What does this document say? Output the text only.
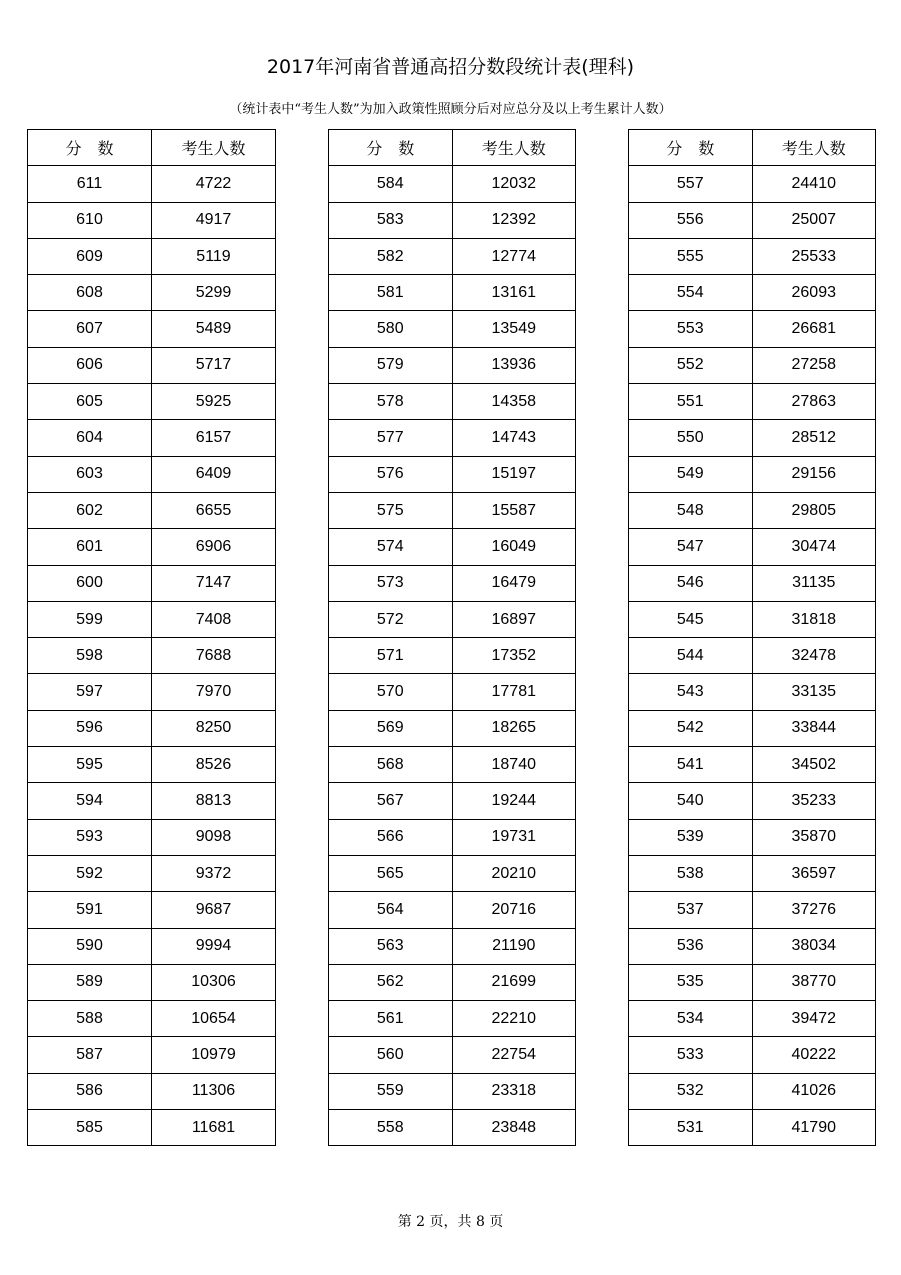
2017年河南省普通高招分数段统计表(理科)
（统计表中“考生人数”为加入政策性照顾分后对应总分及以上考生累计人数）
分　数	考生人数
611	4722
610	4917
609	5119
608	5299
607	5489
606	5717
605	5925
604	6157
603	6409
602	6655
601	6906
600	7147
599	7408
598	7688
597	7970
596	8250
595	8526
594	8813
593	9098
592	9372
591	9687
590	9994
589	10306
588	10654
587	10979
586	11306
585	11681
分　数	考生人数
584	12032
583	12392
582	12774
581	13161
580	13549
579	13936
578	14358
577	14743
576	15197
575	15587
574	16049
573	16479
572	16897
571	17352
570	17781
569	18265
568	18740
567	19244
566	19731
565	20210
564	20716
563	21190
562	21699
561	22210
560	22754
559	23318
558	23848
分　数	考生人数
557	24410
556	25007
555	25533
554	26093
553	26681
552	27258
551	27863
550	28512
549	29156
548	29805
547	30474
546	31135
545	31818
544	32478
543	33135
542	33844
541	34502
540	35233
539	35870
538	36597
537	37276
536	38034
535	38770
534	39472
533	40222
532	41026
531	41790
第 2 页，共 8 页
